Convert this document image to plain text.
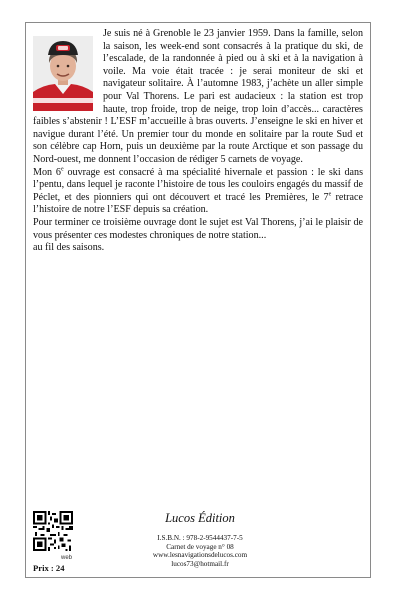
Je suis né à Grenoble le 23 janvier 1959. Dans la famille, selon la saison, les week-end sont consacrés à la pratique du ski, de l’escalade, de la randonnée à pied ou à ski et à la navigation à voile. Ma voie était tracée : je serai moniteur de ski et navigateur solitaire. À l’automne 1983, j’achète un aller simple pour Val Thorens. Le pari est audacieux : la station est trop haute, trop froide, trop de neige, trop loin d’accès... caractères faibles s’abstenir ! L’ESF m’accueille à bras ouverts. J’enseigne le ski en hiver et navigue durant l’été. Un premier tour du monde en solitaire par la route Sud et son célèbre cap Horn, puis un deuxième par la route Arctique et son passage du Nord-ouest, me donnent l’occasion de rédiger 5 carnets de voyage.

Mon 6e ouvrage est consacré à ma spécialité hivernale et passion : le ski dans l’pentu, dans lequel je raconte l’histoire de tous les couloirs engagés du massif de Péclet, et des pionniers qui ont découvert et tracé les Premières, le 7e retrace l’histoire de notre l’ESF depuis sa création.

Pour terminer ce troisième ouvrage dont le sujet est Val Thorens, j’ai le plaisir de vous présenter ces modestes chroniques de notre station...

au fil des saisons.

web
Prix : 24
Lucos Édition
I.S.B.N. : 978-2-9544437-7-5
Carnet de voyage n° 08
www.lesnavigationsdelucos.com
lucos73@hotmail.fr
